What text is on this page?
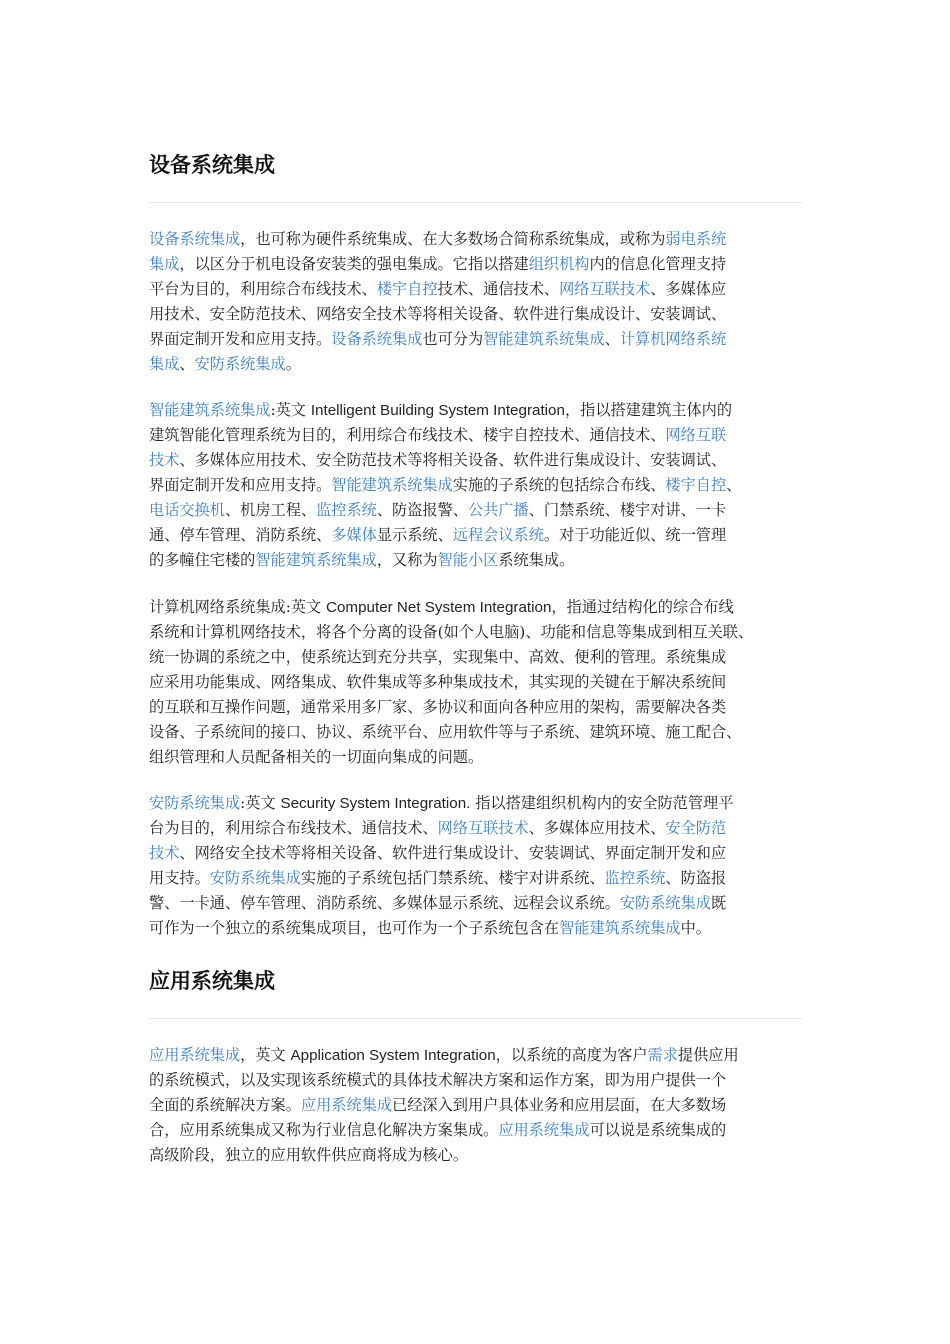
设备系统集成
设备系统集成，也可称为硬件系统集成、在大多数场合简称系统集成，或称为弱电系统
集成，以区分于机电设备安装类的强电集成。它指以搭建组织机构内的信息化管理支持
平台为目的，利用综合布线技术、楼宇自控技术、通信技术、网络互联技术、多媒体应
用技术、安全防范技术、网络安全技术等将相关设备、软件进行集成设计、安装调试、
界面定制开发和应用支持。设备系统集成也可分为智能建筑系统集成、计算机网络系统
集成、安防系统集成。
智能建筑系统集成:英文 Intelligent Building System Integration，指以搭建建筑主体内的
建筑智能化管理系统为目的，利用综合布线技术、楼宇自控技术、通信技术、网络互联
技术、多媒体应用技术、安全防范技术等将相关设备、软件进行集成设计、安装调试、
界面定制开发和应用支持。智能建筑系统集成实施的子系统的包括综合布线、楼宇自控、
电话交换机、机房工程、监控系统、防盗报警、公共广播、门禁系统、楼宇对讲、一卡
通、停车管理、消防系统、多媒体显示系统、远程会议系统。对于功能近似、统一管理
的多幢住宅楼的智能建筑系统集成，又称为智能小区系统集成。
计算机网络系统集成:英文 Computer Net System Integration，指通过结构化的综合布线
系统和计算机网络技术，将各个分离的设备(如个人电脑)、功能和信息等集成到相互关联、
统一协调的系统之中，使系统达到充分共享，实现集中、高效、便利的管理。系统集成
应采用功能集成、网络集成、软件集成等多种集成技术，其实现的关键在于解决系统间
的互联和互操作问题，通常采用多厂家、多协议和面向各种应用的架构，需要解决各类
设备、子系统间的接口、协议、系统平台、应用软件等与子系统、建筑环境、施工配合、
组织管理和人员配备相关的一切面向集成的问题。
安防系统集成:英文 Security System Integration. 指以搭建组织机构内的安全防范管理平
台为目的，利用综合布线技术、通信技术、网络互联技术、多媒体应用技术、安全防范
技术、网络安全技术等将相关设备、软件进行集成设计、安装调试、界面定制开发和应
用支持。安防系统集成实施的子系统包括门禁系统、楼宇对讲系统、监控系统、防盗报
警、一卡通、停车管理、消防系统、多媒体显示系统、远程会议系统。安防系统集成既
可作为一个独立的系统集成项目，也可作为一个子系统包含在智能建筑系统集成中。
应用系统集成
应用系统集成，英文 Application System Integration，以系统的高度为客户需求提供应用
的系统模式，以及实现该系统模式的具体技术解决方案和运作方案，即为用户提供一个
全面的系统解决方案。应用系统集成已经深入到用户具体业务和应用层面，在大多数场
合，应用系统集成又称为行业信息化解决方案集成。应用系统集成可以说是系统集成的
高级阶段，独立的应用软件供应商将成为核心。
